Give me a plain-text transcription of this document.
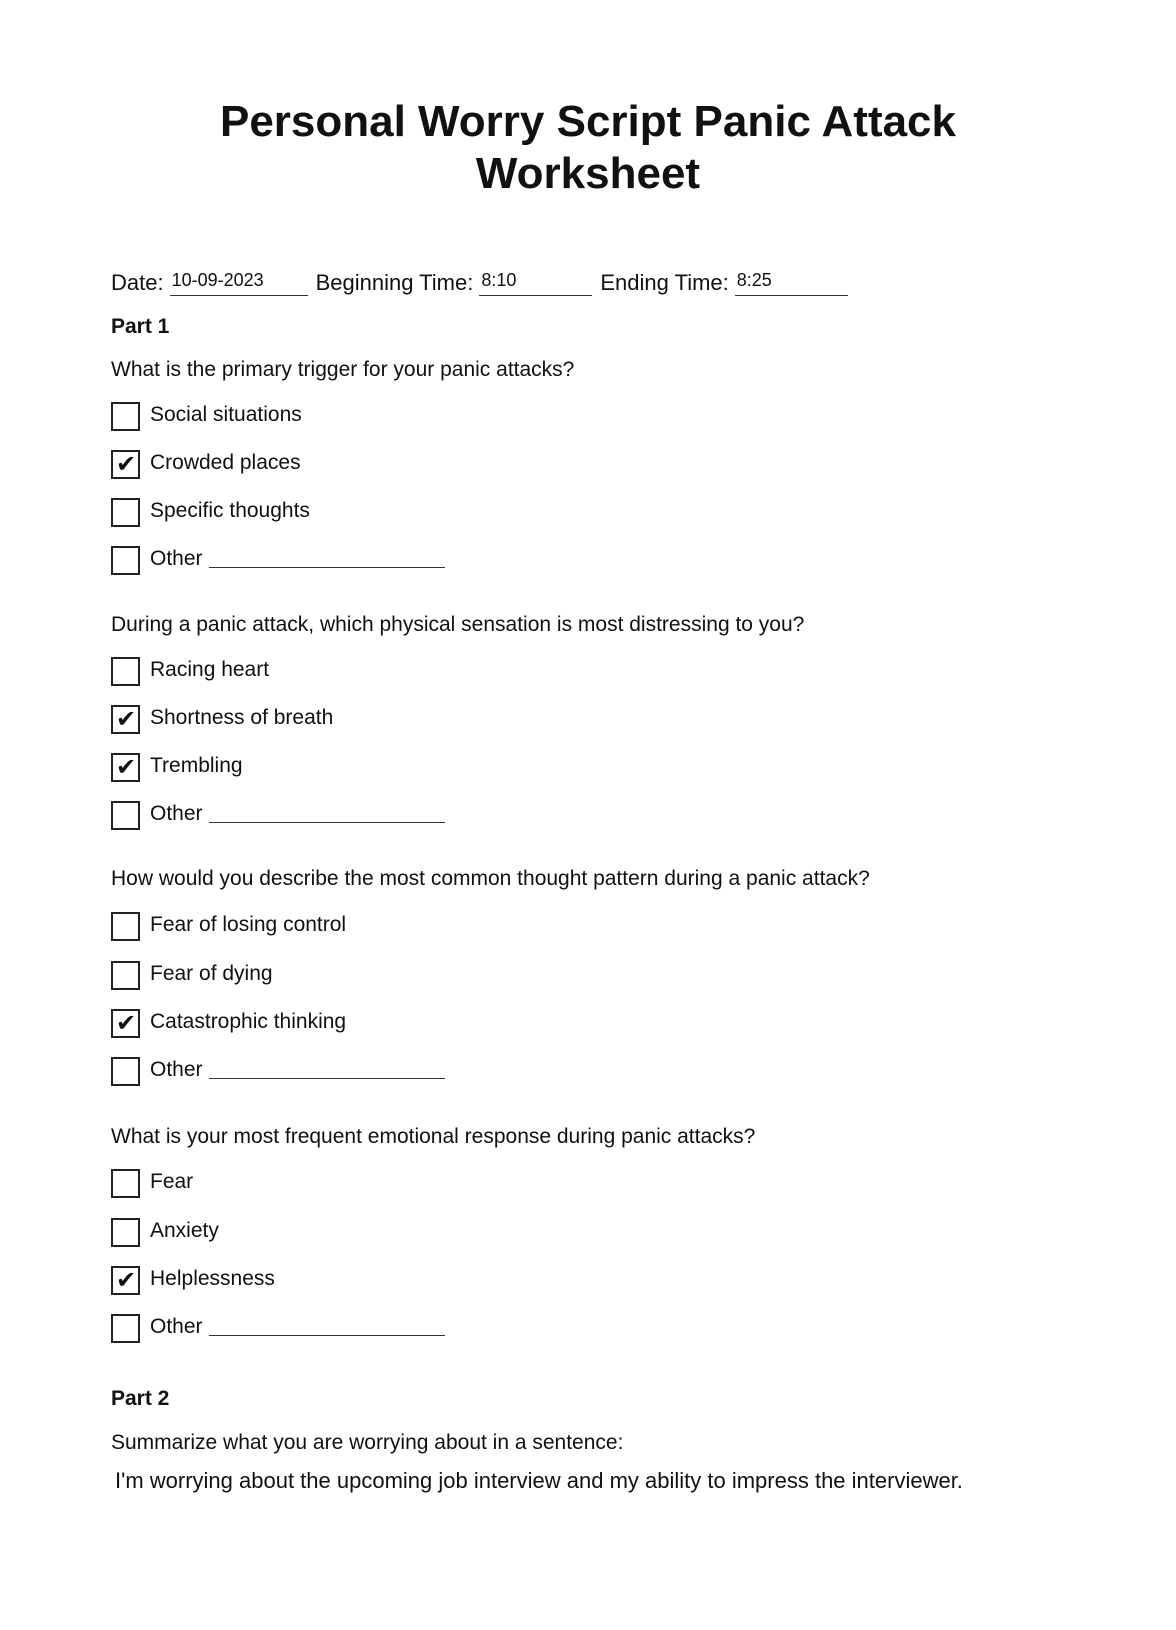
Personal Worry Script Panic Attack
Worksheet
Date: 10-09-2023 Beginning Time: 8:10	Ending Time: 8:25

Part 1

What is the primary trigger for your panic attacks?

Social situations
✔ Crowded places
Specific thoughts
Other

During a panic attack, which physical sensation is most distressing to you?

Racing heart
✔ Shortness of breath
✔ Trembling
Other

How would you describe the most common thought pattern during a panic attack?

Fear of losing control
Fear of dying
✔ Catastrophic thinking
Other

What is your most frequent emotional response during panic attacks?

Fear
Anxiety
✔ Helplessness
Other

Part 2

Summarize what you are worrying about in a sentence:

I'm worrying about the upcoming job interview and my ability to impress the interviewer.
